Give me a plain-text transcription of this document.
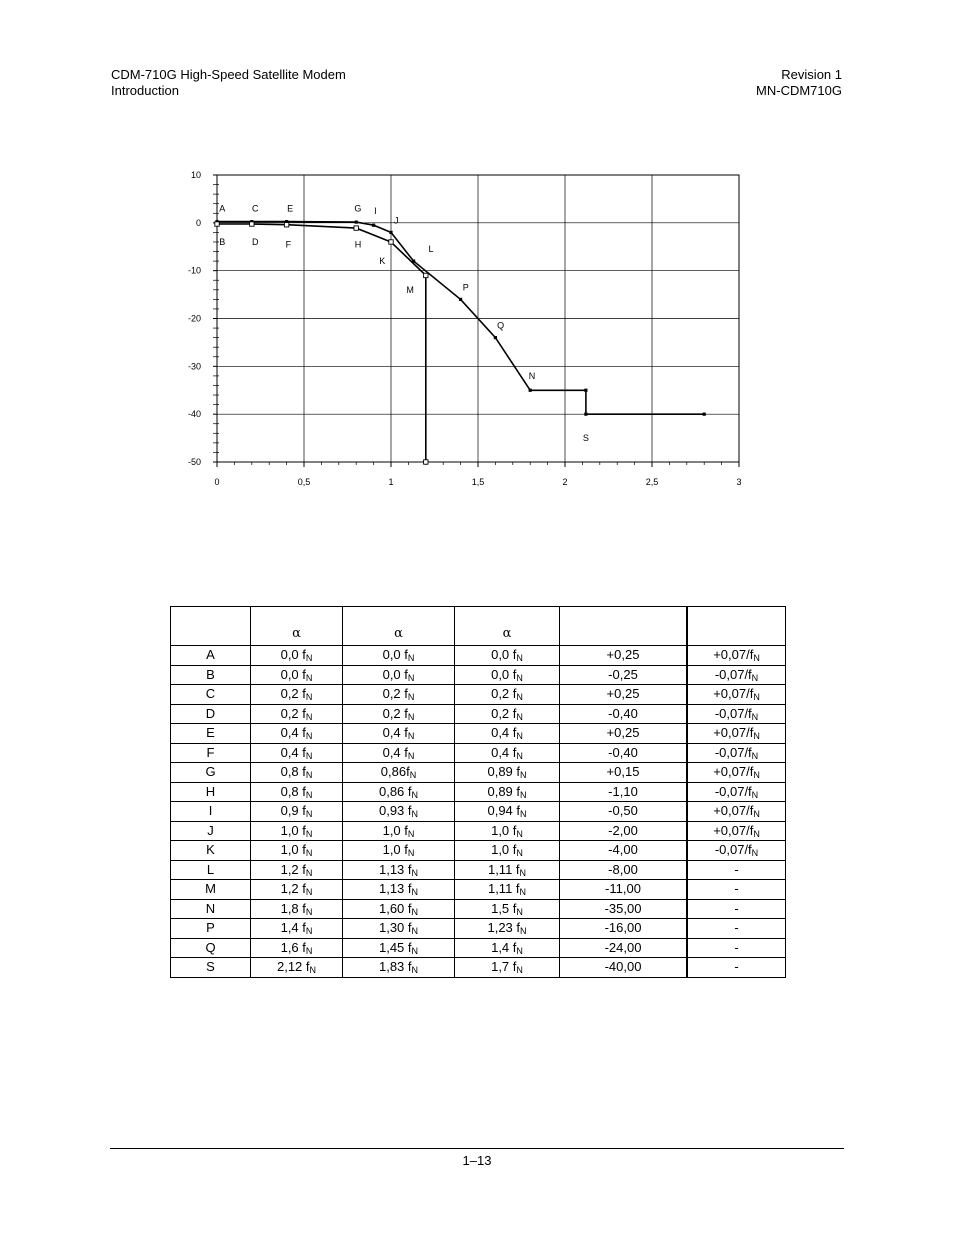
CDM-710G High-Speed Satellite Modem
Introduction
Revision 1
MN-CDM710G
0	0,5	1	1,5	2	2,5	3
10
0
-10
-20
-30
-40
-50
A	C	E	G I
J
B	D	F	H
K
L
M	P
Q
N
S
	α	α	α		
A	0,0 $f_N$	0,0 $f_N$	0,0 $f_N$	+0,25	$+0,07/f_N$
B	0,0 $f_N$	0,0 $f_N$	0,0 $f_N$	-0,25	$-0,07/f_N$
C	0,2 $f_N$	0,2 $f_N$	0,2 $f_N$	+0,25	$+0,07/f_N$
D	0,2 $f_N$	0,2 $f_N$	0,2 $f_N$	-0,40	$-0,07/f_N$
E	0,4 $f_N$	0,4 $f_N$	0,4 $f_N$	+0,25	$+0,07/f_N$
F	0,4 $f_N$	0,4 $f_N$	0,4 $f_N$	-0,40	$-0,07/f_N$
G	0,8 $f_N$	$0,86f_N$	0,89 $f_N$	+0,15	$+0,07/f_N$
H	0,8 $f_N$	0,86 $f_N$	0,89 $f_N$	-1,10	$-0,07/f_N$
I	0,9 $f_N$	0,93 $f_N$	0,94 $f_N$	-0,50	$+0,07/f_N$
J	1,0 $f_N$	1,0 $f_N$	1,0 $f_N$	-2,00	$+0,07/f_N$
K	1,0 $f_N$	1,0 $f_N$	1,0 $f_N$	-4,00	$-0,07/f_N$
L	1,2 $f_N$	1,13 $f_N$	1,11 $f_N$	-8,00	-
M	1,2 $f_N$	1,13 $f_N$	1,11 $f_N$	-11,00	-
N	1,8 $f_N$	1,60 $f_N$	1,5 $f_N$	-35,00	-
P	1,4 $f_N$	1,30 $f_N$	1,23 $f_N$	-16,00	-
Q	1,6 $f_N$	1,45 $f_N$	1,4 $f_N$	-24,00	-
S	2,12 $f_N$	1,83 $f_N$	1,7 $f_N$	-40,00	-
1–13
